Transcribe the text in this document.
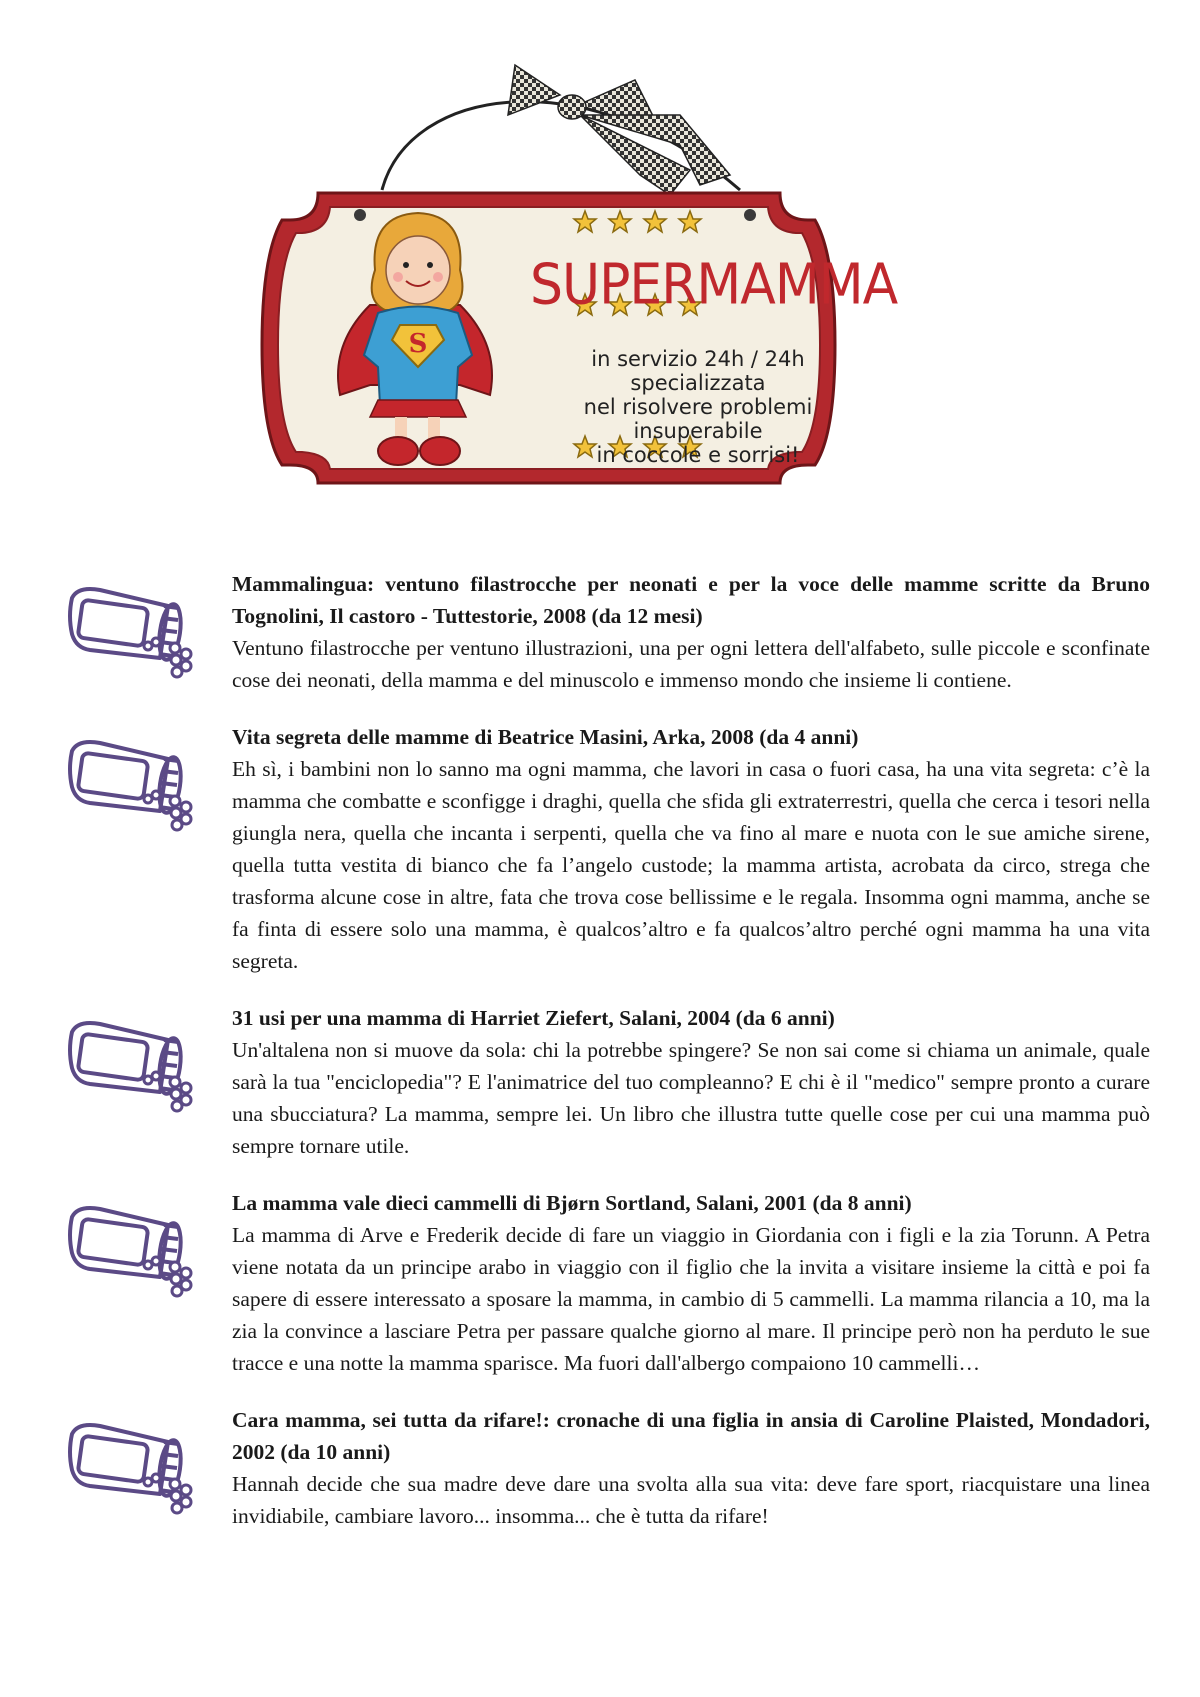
S
SUPERMAMMA
in servizio 24h / 24h
specializzata
nel risolvere problemi
insuperabile
in coccole e sorrisi!
Mammalingua: ventuno filastrocche per neonati e per la voce delle mamme scritte da Bruno Tognolini, Il castoro - Tuttestorie, 2008 (da 12 mesi)
Ventuno filastrocche per ventuno illustrazioni, una per ogni lettera dell'alfabeto, sulle piccole e sconfinate cose dei neonati, della mamma e del minuscolo e immenso mondo che insieme li contiene.
Vita segreta delle mamme di Beatrice Masini, Arka, 2008 (da 4 anni)
Eh sì, i bambini non lo sanno ma ogni mamma, che lavori in casa o fuori casa, ha una vita segreta: c’è la mamma che combatte e sconfigge i draghi, quella che sfida gli extraterrestri, quella che cerca i tesori nella giungla nera, quella che incanta i serpenti, quella che va fino al mare e nuota con le sue amiche sirene, quella tutta vestita di bianco che fa l’angelo custode; la mamma artista, acrobata da circo, strega che trasforma alcune cose in altre, fata che trova cose bellissime e le regala. Insomma ogni mamma, anche se fa finta di essere solo una mamma, è qualcos’altro e fa qualcos’altro perché ogni mamma ha una vita segreta.
31 usi per una mamma di Harriet Ziefert, Salani, 2004 (da 6 anni)
Un'altalena non si muove da sola: chi la potrebbe spingere? Se non sai come si chiama un animale, quale sarà la tua "enciclopedia"? E l'animatrice del tuo compleanno? E chi è il "medico" sempre pronto a curare una sbucciatura? La mamma, sempre lei. Un libro che illustra tutte quelle cose per cui una mamma può sempre tornare utile.
La mamma vale dieci cammelli di Bjørn Sortland, Salani, 2001 (da 8 anni)
La mamma di Arve e Frederik decide di fare un viaggio in Giordania con i figli e la zia Torunn. A Petra viene notata da un principe arabo in viaggio con il figlio che la invita a visitare insieme la città e poi fa sapere di essere interessato a sposare la mamma, in cambio di 5 cammelli. La mamma rilancia a 10, ma la zia la convince a lasciare Petra per passare qualche giorno al mare. Il principe però non ha perduto le sue tracce e una notte la mamma sparisce. Ma fuori dall'albergo compaiono 10 cammelli…
Cara mamma, sei tutta da rifare!: cronache di una figlia in ansia di Caroline Plaisted, Mondadori, 2002 (da 10 anni)
Hannah decide che sua madre deve dare una svolta alla sua vita: deve fare sport, riacquistare una linea invidiabile, cambiare lavoro... insomma... che è tutta da rifare!
